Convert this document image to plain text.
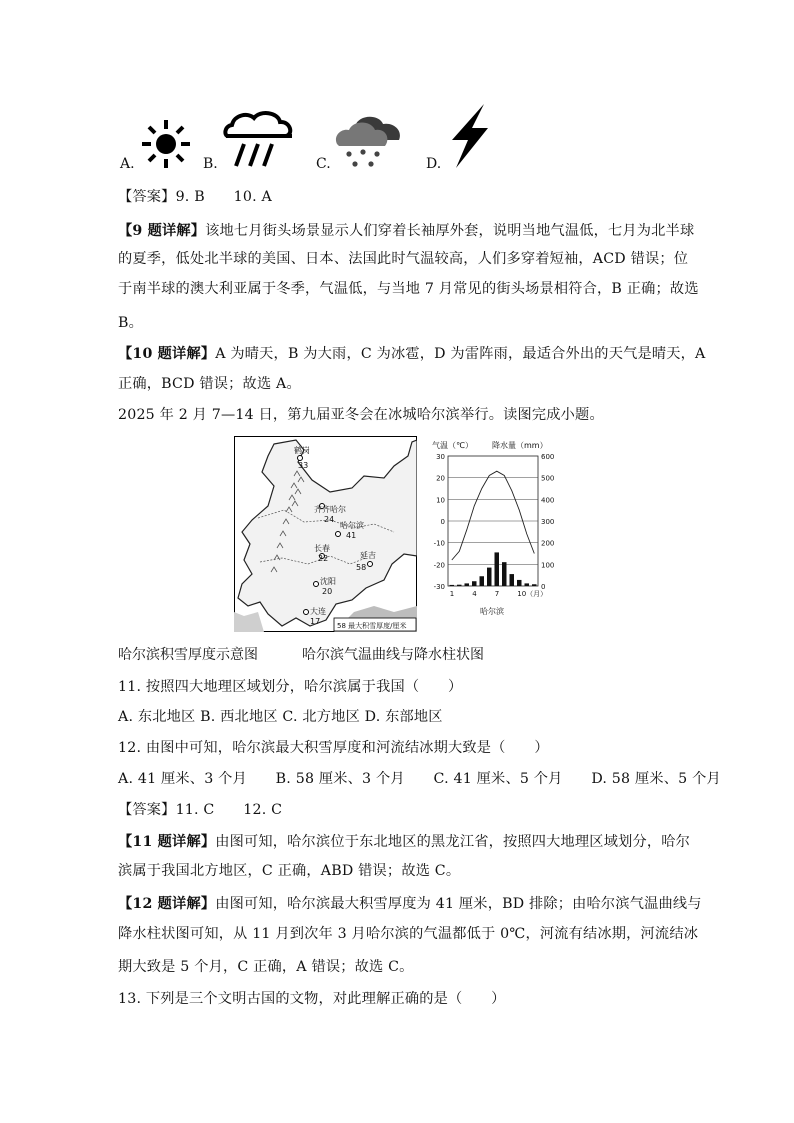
A.	B.	C.	D.
【答案】9. B　　10. A
【9 题详解】该地七月街头场景显示人们穿着长袖厚外套，说明当地气温低，七月为北半球
的夏季，低处北半球的美国、日本、法国此时气温较高，人们多穿着短袖，ACD 错误；位
于南半球的澳大利亚属于冬季，气温低，与当地 7 月常见的街头场景相符合，B 正确；故选
B。
【10 题详解】A 为晴天，B 为大雨，C 为冰雹，D 为雷阵雨，最适合外出的天气是晴天，A
正确，BCD 错误；故选 A。
2025 年 2 月 7—14 日，第九届亚冬会在冰城哈尔滨举行。读图完成小题。
鹤岗
33
齐齐哈尔
24
哈尔滨
41
长春
22	延吉
58
沈阳
20
大连
17 58 最大积雪厚度/厘米
气温（℃） 降水量（mm）
30	600
20	500
10	400
0	300
-10	200
-20	100
-30	0
1	4	7	10（月）
哈尔滨
哈尔滨积雪厚度示意图	哈尔滨气温曲线与降水柱状图
11. 按照四大地理区域划分，哈尔滨属于我国（　　）
A. 东北地区 B. 西北地区 C. 北方地区 D. 东部地区
12. 由图中可知，哈尔滨最大积雪厚度和河流结冰期大致是（　　）
A. 41 厘米、3 个月　　B. 58 厘米、3 个月　　C. 41 厘米、5 个月　　D. 58 厘米、5 个月
【答案】11. C　　12. C
【11 题详解】由图可知，哈尔滨位于东北地区的黑龙江省，按照四大地理区域划分，哈尔
滨属于我国北方地区，C 正确，ABD 错误；故选 C。
【12 题详解】由图可知，哈尔滨最大积雪厚度为 41 厘米，BD 排除；由哈尔滨气温曲线与
降水柱状图可知，从 11 月到次年 3 月哈尔滨的气温都低于 0℃，河流有结冰期，河流结冰
期大致是 5 个月，C 正确，A 错误；故选 C。
13. 下列是三个文明古国的文物，对此理解正确的是（　　）
